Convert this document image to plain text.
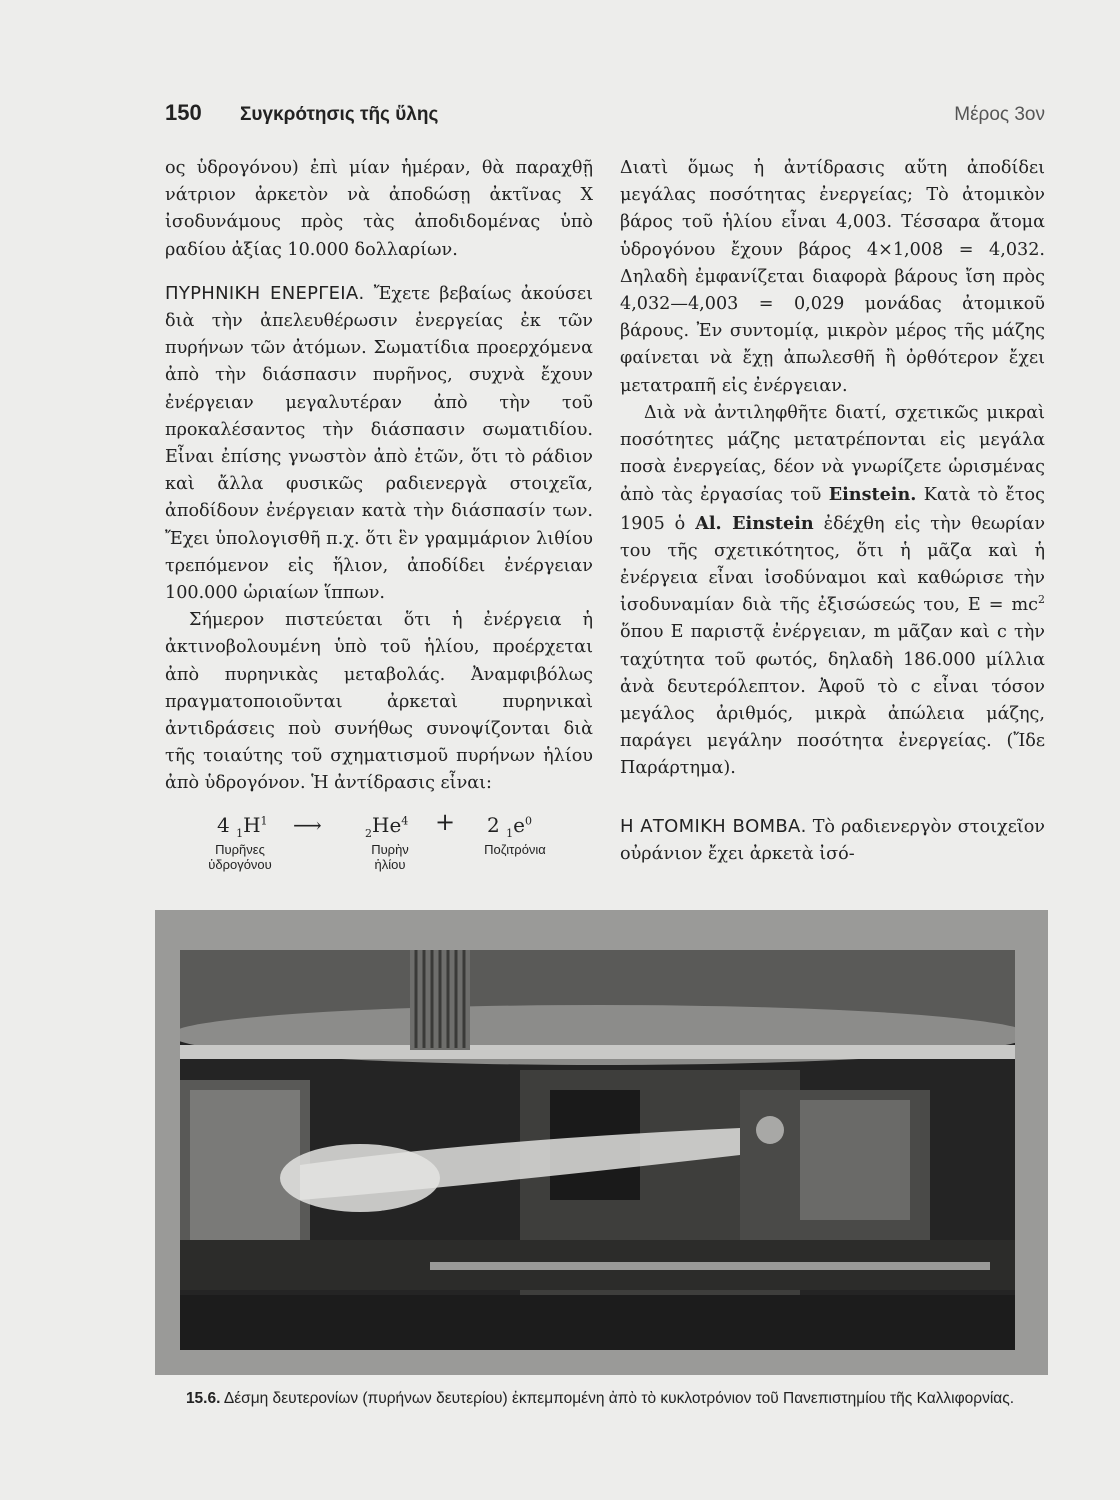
150 Συγκρότησις τῆς ὕλης	Μέρος 3ον

ος ὑδρογόνου) ἐπὶ μίαν ἡμέραν, θὰ παραχθῇ νάτριον ἀρκετὸν νὰ ἀποδώσῃ ἀκτῖνας X ἰσοδυνάμους πρὸς τὰς ἀποδιδομένας ὑπὸ ραδίου ἀξίας 10.000 δολλαρίων.

ΠΥΡΗΝΙΚΗ ΕΝΕΡΓΕΙΑ. Ἔχετε βεβαίως ἀκούσει διὰ τὴν ἀπελευθέρωσιν ἐνεργείας ἐκ τῶν πυρήνων τῶν ἀτόμων. Σωματίδια προερχόμενα ἀπὸ τὴν διάσπασιν πυρῆνος, συχνὰ ἔχουν ἐνέργειαν μεγαλυτέραν ἀπὸ τὴν τοῦ προκαλέσαντος τὴν διάσπασιν σωματιδίου. Εἶναι ἐπίσης γνωστὸν ἀπὸ ἐτῶν, ὅτι τὸ ράδιον καὶ ἄλλα φυσικῶς ραδιενεργὰ στοιχεῖα, ἀποδίδουν ἐνέργειαν κατὰ τὴν διάσπασίν των. Ἔχει ὑπολογισθῆ π.χ. ὅτι ἓν γραμμάριον λιθίου τρεπόμενον εἰς ἥλιον, ἀποδίδει ἐνέργειαν 100.000 ὡριαίων ἵππων.

Σήμερον πιστεύεται ὅτι ἡ ἐνέργεια ἡ ἀκτινοβολουμένη ὑπὸ τοῦ ἡλίου, προέρχεται ἀπὸ πυρηνικὰς μεταβολάς. Ἀναμφιβόλως πραγματοποιοῦνται ἀρκεταὶ πυρηνικαὶ ἀντιδράσεις ποὺ συνήθως συνοψίζονται διὰ τῆς τοιαύτης τοῦ σχηματισμοῦ πυρήνων ἡλίου ἀπὸ ὑδρογόνον. Ἡ ἀντίδρασις εἶναι:

4 $_1H^1$ ⟶	$_2He^4 + 2$ $_1e^0$
Πυρῆνες
ὑδρογόνου
Πυρὴν
ἡλίου
Ποζιτρόνια

Διατὶ ὅμως ἡ ἀντίδρασις αὕτη ἀποδίδει μεγάλας ποσότητας ἐνεργείας; Τὸ ἀτομικὸν βάρος τοῦ ἡλίου εἶναι 4,003. Τέσσαρα ἄτομα ὑδρογόνου ἔχουν βάρος 4×1,008 = 4,032. Δηλαδὴ ἐμφανίζεται διαφορὰ βάρους ἴση πρὸς 4,032—4,003 = 0,029 μονάδας ἀτομικοῦ βάρους. Ἐν συντομίᾳ, μικρὸν μέρος τῆς μάζης φαίνεται νὰ ἔχῃ ἀπωλεσθῆ ἢ ὀρθότερον ἔχει μετατραπῆ εἰς ἐνέργειαν.

Διὰ νὰ ἀντιληφθῆτε διατί, σχετικῶς μικραὶ ποσότητες μάζης μετατρέπονται εἰς μεγάλα ποσὰ ἐνεργείας, δέον νὰ γνωρίζετε ὡρισμένας ἀπὸ τὰς ἐργασίας τοῦ Einstein. Κατὰ τὸ ἔτος 1905 ὁ Al. Einstein ἐδέχθη εἰς τὴν θεωρίαν του τῆς σχετικότητος, ὅτι ἡ μᾶζα καὶ ἡ ἐνέργεια εἶναι ἰσοδύναμοι καὶ καθώρισε τὴν ἰσοδυναμίαν διὰ τῆς ἐξισώσεώς του, $E = mc^2$ ὅπου E παριστᾷ ἐνέργειαν, m μᾶζαν καὶ c τὴν ταχύτητα τοῦ φωτός, δηλαδὴ 186.000 μίλλια ἀνὰ δευτερόλεπτον. Ἀφοῦ τὸ c εἶναι τόσον μεγάλος ἀριθμός, μικρὰ ἀπώλεια μάζης, παράγει μεγάλην ποσότητα ἐνεργείας. (Ἴδε Παράρτημα).

Η ΑΤΟΜΙΚΗ ΒΟΜΒΑ. Τὸ ραδιενεργὸν στοιχεῖον οὐράνιον ἔχει ἀρκετὰ ἰσό-

15.6. Δέσμη δευτερονίων (πυρήνων δευτερίου) ἐκπεμπομένη ἀπὸ τὸ κυκλοτρόνιον τοῦ Πανεπιστημίου τῆς Καλλιφορνίας.
